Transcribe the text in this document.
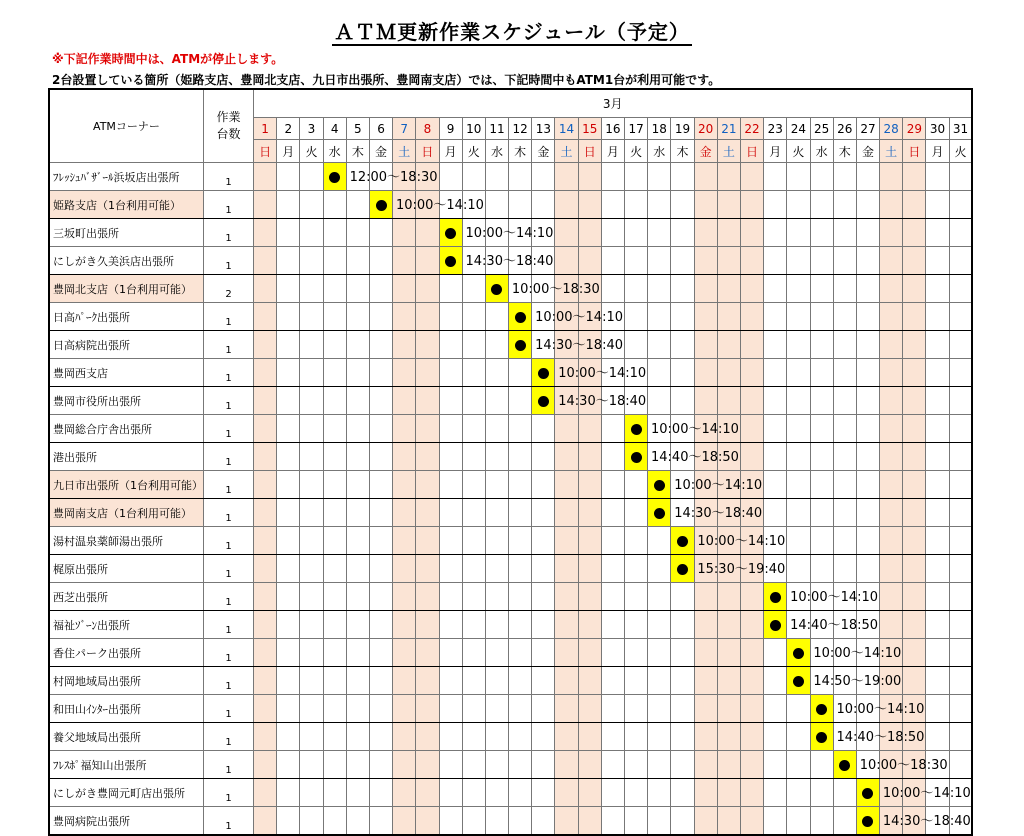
ＡＴＭ更新作業スケジュール（予定）
※下記作業時間中は、ATMが停止します。
2台設置している箇所（姫路支店、豊岡北支店、九日市出張所、豊岡南支店）では、下記時間中もATM1台が利用可能です。
ATMコーナー	作業
台数	3月																														
		1	2	3	4	5	6	7	8	9	10	11	12	13	14	15	16	17	18	19	20	21	22	23	24	25	26	27	28	29	30	31
		日	月	火	水	木	金	土	日	月	火	水	木	金	土	日	月	火	水	木	金	土	日	月	火	水	木	金	土	日	月	火
ﾌﾚｯｼｭﾊﾞｻﾞｰﾙ浜坂店出張所	1				12:00～18:30																											

姫路支店（1台利用可能）	1						10:00～14:10																									

三坂町出張所	1									10:00～14:10																						

にしがき久美浜店出張所	1									14:30～18:40																						

豊岡北支店（1台利用可能）	2											10:00～18:30																				

日高ﾊﾟｰｸ出張所	1												10:00～14:10																			

日高病院出張所	1												14:30～18:40																			

豊岡西支店	1													10:00～14:10																		

豊岡市役所出張所	1													14:30～18:40																		

豊岡総合庁舎出張所	1																	10:00～14:10														

港出張所	1																	14:40～18:50														

九日市出張所（1台利用可能）	1																		10:00～14:10													

豊岡南支店（1台利用可能）	1																		14:30～18:40													

湯村温泉薬師湯出張所	1																			10:00～14:10												

梶原出張所	1																			15:30～19:40												

西芝出張所	1																							10:00～14:10								

福祉ｿﾞｰﾝ出張所	1																							14:40～18:50								

香住パーク出張所	1																								10:00～14:10							

村岡地域局出張所	1																								14:50～19:00							

和田山ｲﾝﾀｰ出張所	1																									10:00～14:10						

養父地域局出張所	1																									14:40～18:50						

ﾌﾚｽﾎﾟ福知山出張所	1																										10:00～18:30					

にしがき豊岡元町店出張所	1																											10:00～14:10				

豊岡病院出張所	1																											14:30～18:40				
